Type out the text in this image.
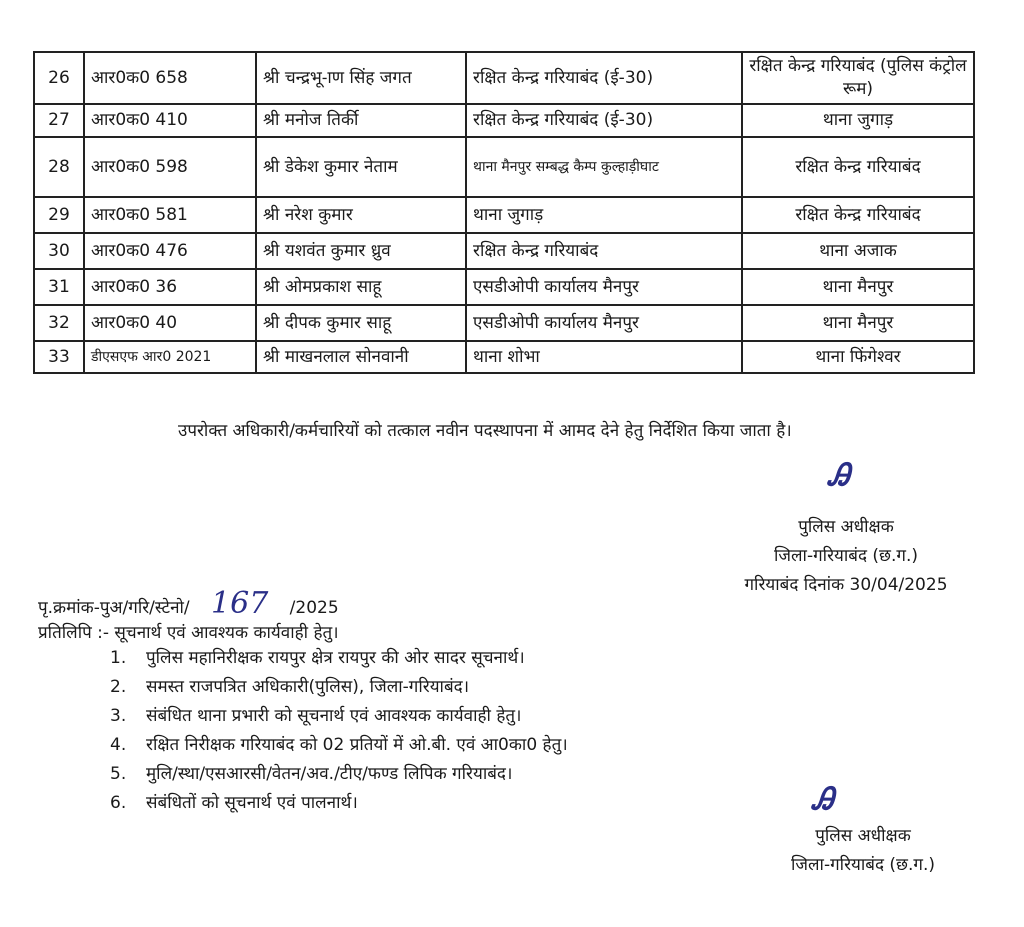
26	आर0क0 658	श्री चन्द्रभू-ाण सिंह जगत	रक्षित केन्द्र गरियाबंद (ई-30)	रक्षित केन्द्र गरियाबंद (पुलिस कंट्रोल रूम)
27	आर0क0 410	श्री मनोज तिर्की	रक्षित केन्द्र गरियाबंद (ई-30)	थाना जुगाड़
28	आर0क0 598	श्री डेकेश कुमार नेताम	थाना मैनपुर सम्बद्ध कैम्प कुल्हाड़ीघाट	रक्षित केन्द्र गरियाबंद
29	आर0क0 581	श्री नरेश कुमार	थाना जुगाड़	रक्षित केन्द्र गरियाबंद
30	आर0क0 476	श्री यशवंत कुमार ध्रुव	रक्षित केन्द्र गरियाबंद	थाना अजाक
31	आर0क0 36	श्री ओमप्रकाश साहू	एसडीओपी कार्यालय मैनपुर	थाना मैनपुर
32	आर0क0 40	श्री दीपक कुमार साहू	एसडीओपी कार्यालय मैनपुर	थाना मैनपुर
33	डीएसएफ आर0 2021	श्री माखनलाल सोनवानी	थाना शोभा	थाना फिंगेश्वर
उपरोक्त अधिकारी/कर्मचारियों को तत्काल नवीन पदस्थापना में आमद देने हेतु निर्देशित किया जाता है।
Ꭿ
पुलिस अधीक्षक
जिला-गरियाबंद (छ.ग.)
गरियाबंद दिनांक 30/04/2025
पृ.क्रमांक-पुअ/गरि/स्टेनो/ 167 /2025
प्रतिलिपि :- सूचनार्थ एवं आवश्यक कार्यवाही हेतु।
1. पुलिस महानिरीक्षक रायपुर क्षेत्र रायपुर की ओर सादर सूचनार्थ।
2. समस्त राजपत्रित अधिकारी(पुलिस), जिला-गरियाबंद।
3. संबंधित थाना प्रभारी को सूचनार्थ एवं आवश्यक कार्यवाही हेतु।
4. रक्षित निरीक्षक गरियाबंद को 02 प्रतियों में ओ.बी. एवं आ0का0 हेतु।
5. मुलि/स्था/एसआरसी/वेतन/अव./टीए/फण्ड लिपिक गरियाबंद।
6. संबंधितों को सूचनार्थ एवं पालनार्थ।	Ꭿ
पुलिस अधीक्षक
जिला-गरियाबंद (छ.ग.)
